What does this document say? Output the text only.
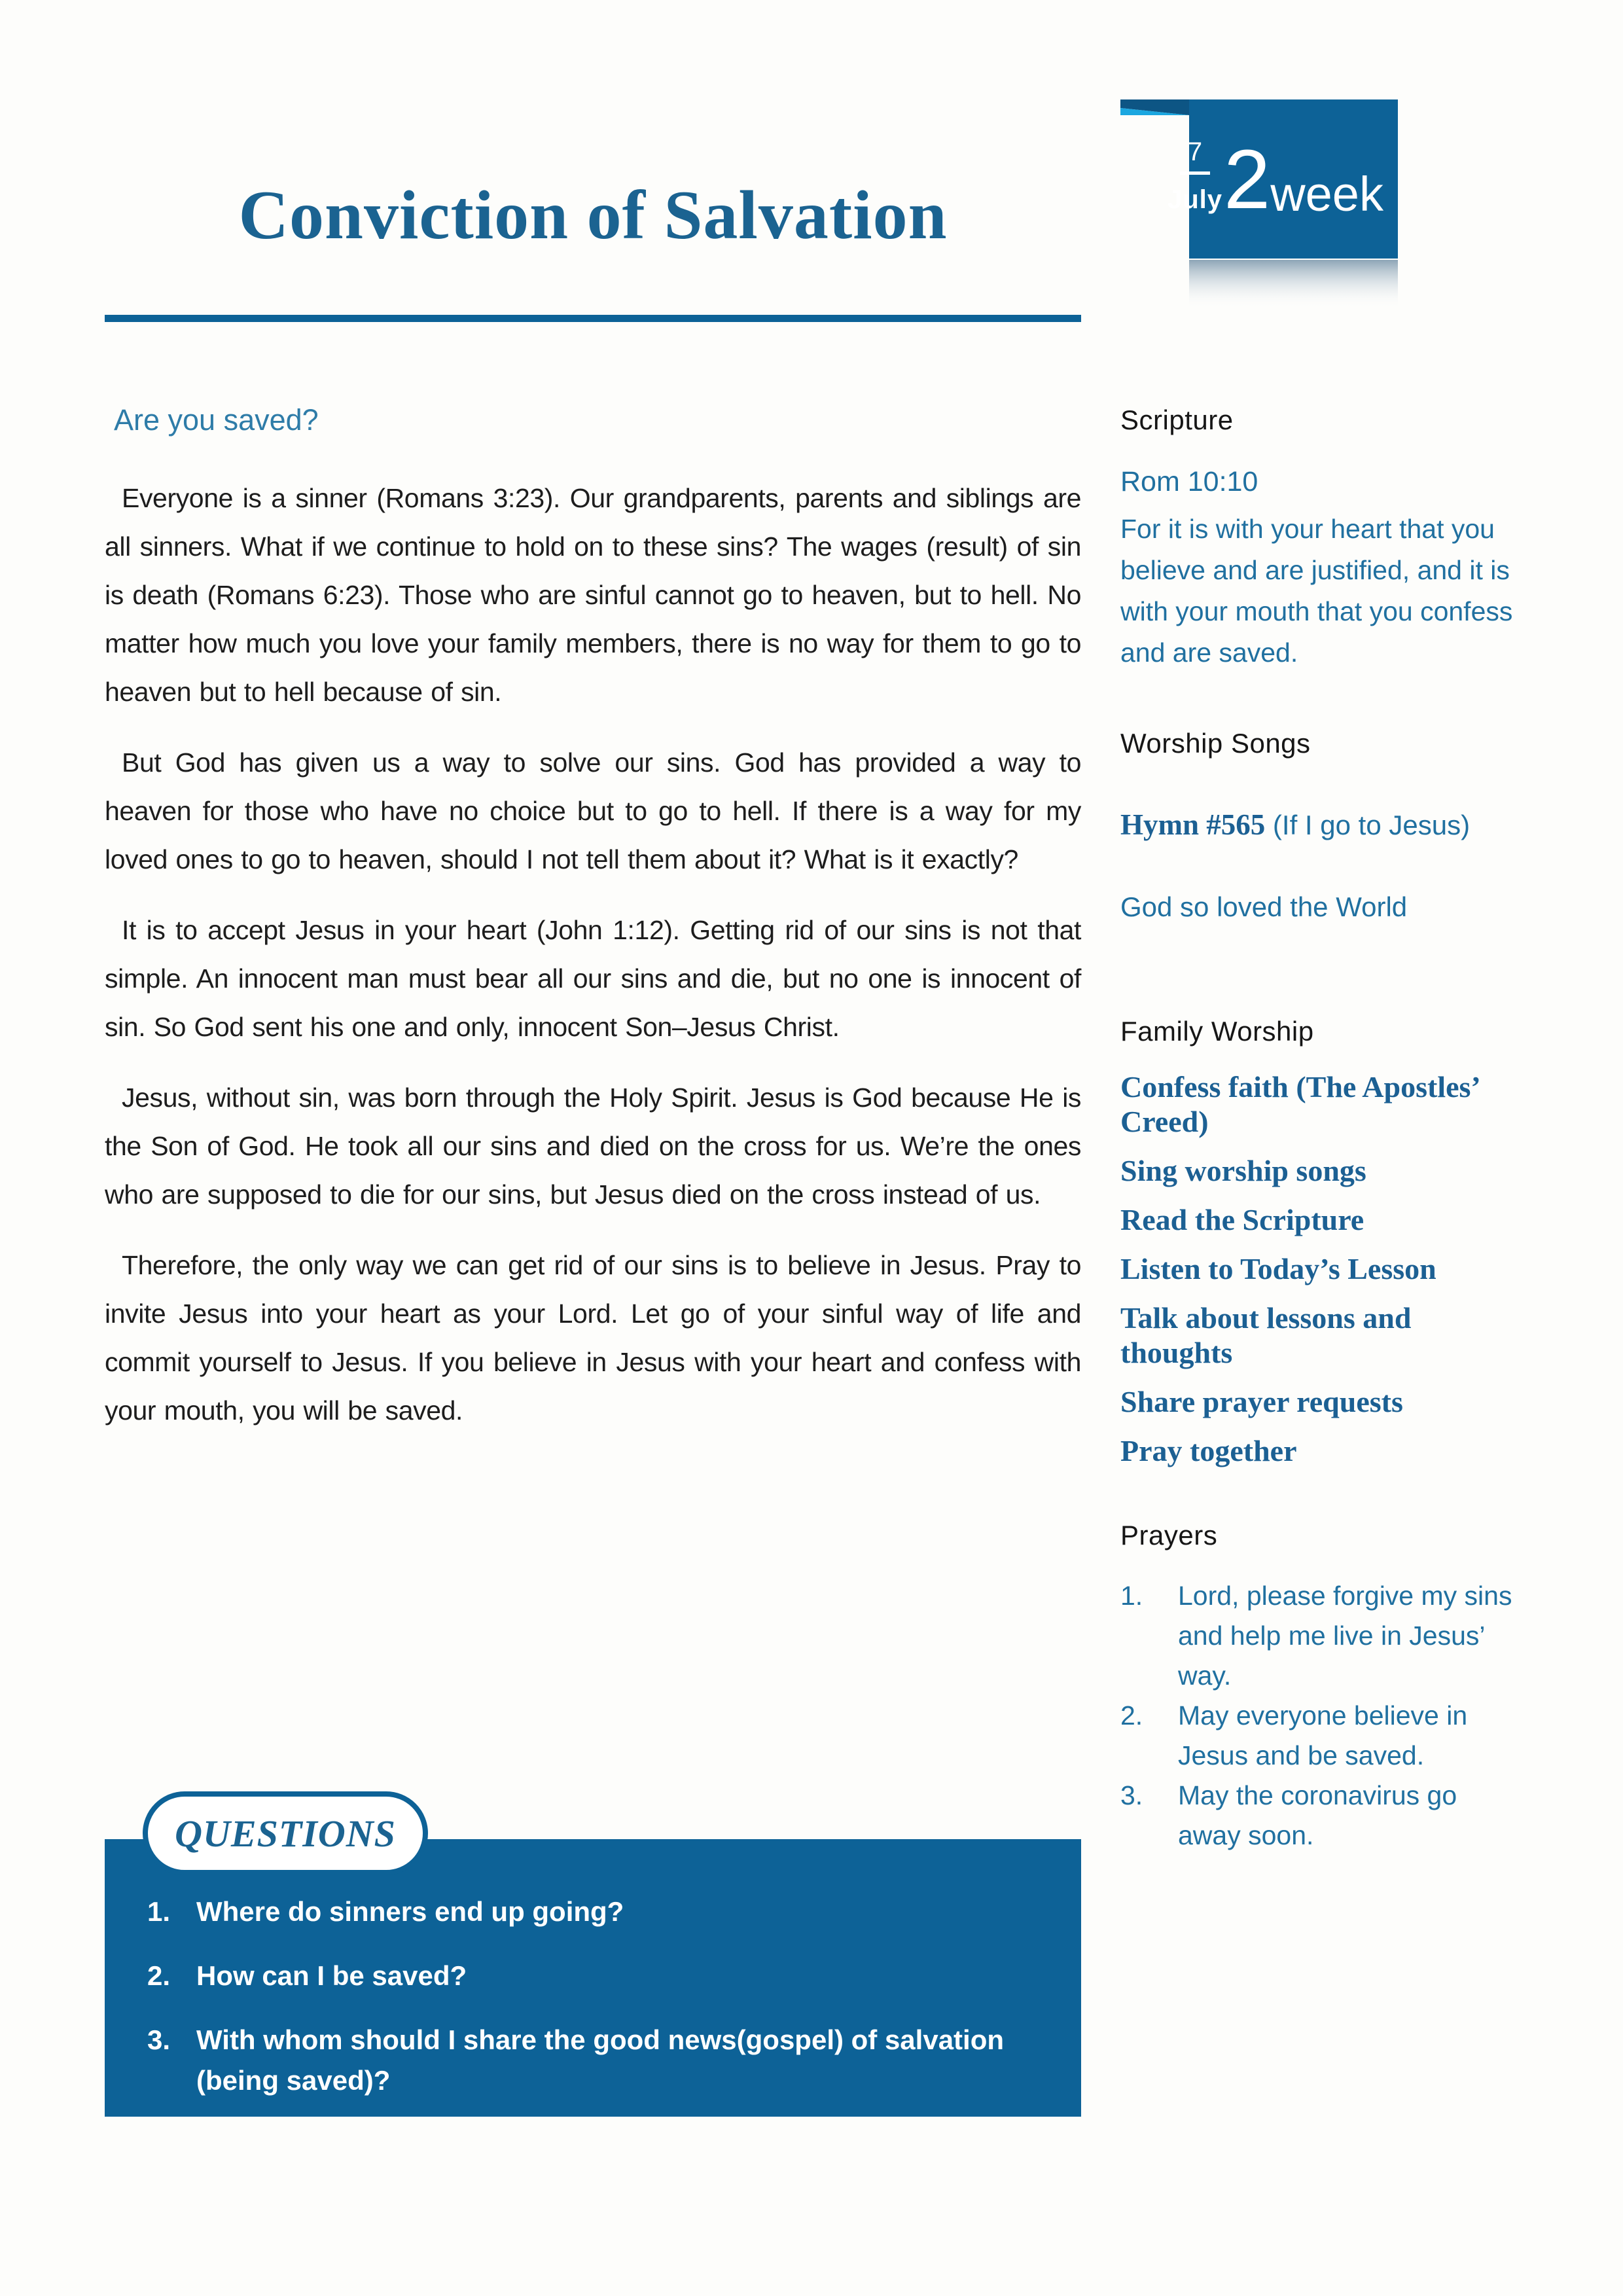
Conviction of Salvation
7
July 2 week
Are you saved?

Everyone is a sinner (Romans 3:23). Our grandparents, parents and siblings are all sinners. What if we continue to hold on to these sins? The wages (result) of sin is death (Romans 6:23). Those who are sinful cannot go to heaven, but to hell. No matter how much you love your family members, there is no way for them to go to heaven but to hell because of sin.

But God has given us a way to solve our sins. God has provided a way to heaven for those who have no choice but to go to hell. If there is a way for my loved ones to go to heaven, should I not tell them about it? What is it exactly?

It is to accept Jesus in your heart (John 1:12). Getting rid of our sins is not that simple. An innocent man must bear all our sins and die, but no one is innocent of sin. So God sent his one and only, innocent Son–Jesus Christ.

Jesus, without sin, was born through the Holy Spirit. Jesus is God because He is the Son of God. He took all our sins and died on the cross for us. We’re the ones who are supposed to die for our sins, but Jesus died on the cross instead of us.

Therefore, the only way we can get rid of our sins is to believe in Jesus. Pray to invite Jesus into your heart as your Lord. Let go of your sinful way of life and commit yourself to Jesus. If you believe in Jesus with your heart and confess with your mouth, you will be saved.

QUESTIONS
1. Where do sinners end up going?
2. How can I be saved?
3. With whom should I share the good news(gospel) of salvation (being saved)?
Scripture
Rom 10:10
For it is with your heart that you believe and are justified, and it is with your mouth that you confess and are saved.
Worship Songs
Hymn #565 (If I go to Jesus)
God so loved the World
Family Worship
Confess faith (The Apostles’ Creed)
Sing worship songs
Read the Scripture
Listen to Today’s Lesson
Talk about lessons and thoughts
Share prayer requests
Pray together
Prayers
1.	Lord, please forgive my sins and help me live in Jesus’ way.
2.	May everyone believe in Jesus and be saved.
3.	May the coronavirus go away soon.
